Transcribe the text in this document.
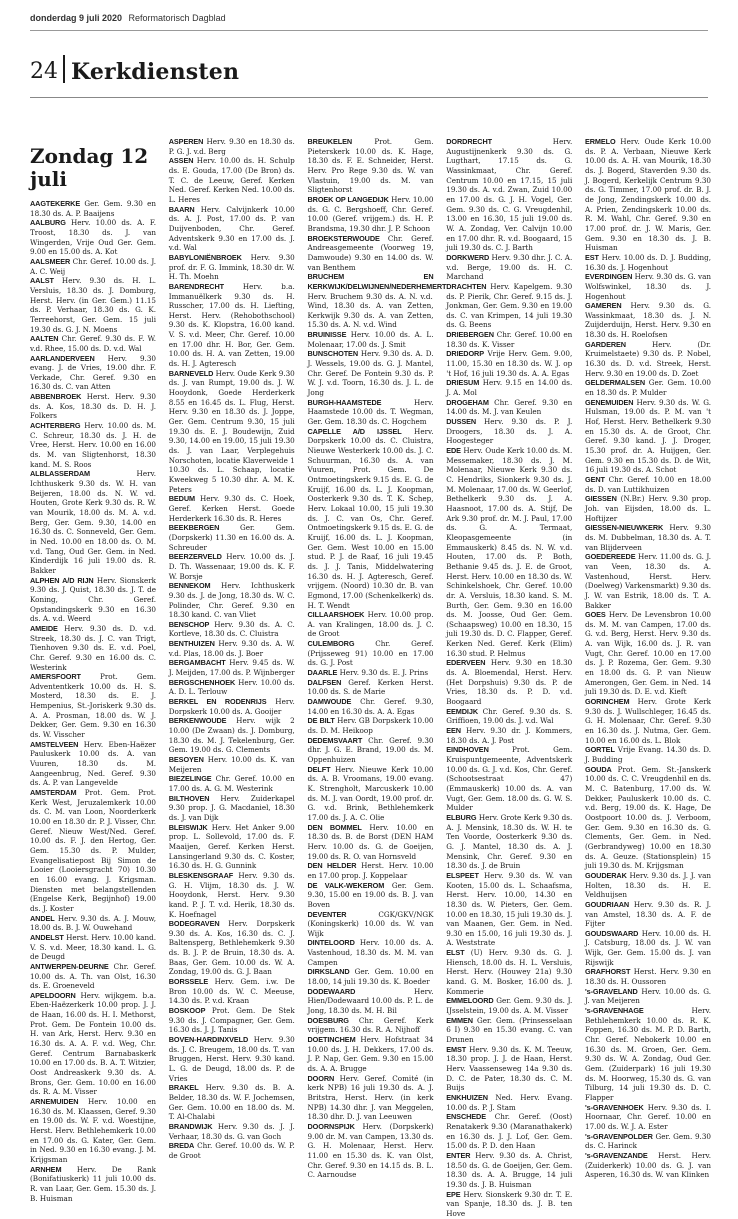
donderdag 9 juli 2020 Reformatorisch Dagblad
24 Kerkdiensten
Zondag 12 juli

AAGTEKERKE Ger. Gem. 9.30 en 18.30 ds. A. P. Baaijens

AALBURG Herv. 10.00 ds. A. F. Troost, 18.30 ds. J. van Wingerden, Vrije Oud Ger. Gem. 9.00 en 15.00 ds. A. Kot

AALSMEER Chr. Geref. 10.00 ds. J. A. C. Weij

AALST Herv. 9.30 ds. H. L. Versluis, 18.30 ds. J. Domburg, Herst. Herv. (in Ger. Gem.) 11.15 ds. P. Verhaar, 18.30 ds. G. K. Terreehorst, Ger. Gem. 15 juli 19.30 ds. G. J. N. Moens

AALTEN Chr. Geref. 9.30 ds. F. W. v.d. Rhee, 15.00 ds. D. v.d. Wal

AARLANDERVEEN Herv. 9.30 evang. J. de Vries, 19.00 dhr. F. Verkade, Chr. Geref. 9.30 en 16.30 ds. C. van Atten

ABBENBROEK Herst. Herv. 9.30 ds. A. Kos, 18.30 ds. D. H. J. Folkers

ACHTERBERG Herv. 10.00 ds. M. C. Schreur, 18.30 ds. J. H. de Vree, Herst. Herv. 10.00 en 16.00 ds. M. van Sligtenhorst, 18.30 kand. M. S. Roos

ALBLASSERDAM Herv. Ichthuskerk 9.30 ds. W. H. van Beijeren, 18.00 ds. N. W. vd. Houten, Grote Kerk 9.30 ds. R. W. van Mourik, 18.00 ds. M. A. v.d. Berg, Ger. Gem. 9.30, 14.00 en 16.30 ds. C. Sonneveld, Ger. Gem. in Ned. 10.00 en 18.00 ds. O. M. v.d. Tang, Oud Ger. Gem. in Ned. Kinderdijk 16 juli 19.00 ds. R. Bakker

ALPHEN A/D RIJN Herv. Sionskerk 9.30 ds. J. Quist, 18.30 ds. J. T. de Koning, Chr. Geref. Opstandingskerk 9.30 en 16.30 ds. A. v.d. Weerd

AMEIDE Herv. 9.30 ds. D. v.d. Streek, 18.30 ds. J. C. van Trigt, Tienhoven 9.30 ds. E. v.d. Poel, Chr. Geref. 9.30 en 16.00 ds. C. Westerink

AMERSFOORT Prot. Gem. Advententkerk 10.00 ds. H. S. Mosterd, 18.30 ds. E. J. Hempenius, St.-Joriskerk 9.30 ds. A. A. Prosman, 18.00 ds. W. J. Dekker, Ger. Gem. 9.30 en 16.30 ds. W. Visscher

AMSTELVEEN Herv. Eben-Haëzer Pauluskerk 10.00 ds. A. van Vuuren, 18.30 ds. M. Aangeenbrug, Ned. Geref. 9.30 ds. A. P. van Langevelde

AMSTERDAM Prot. Gem. Prot. Kerk West, Jeruzalemkerk 10.00 ds. C. M. van Loon, Noorderkerk 10.00 en 18.30 dr. P. J. Visser, Chr. Geref. Nieuw West/Ned. Geref. 10.00 ds. F. J. den Hertog, Ger. Gem. 15.30 ds. P. Mulder, Evangelisatiepost Bij Simon de Looier (Looiersgracht 70) 10.30 en 16.00 evang. J. Krigsman. Diensten met belangstellenden (Engelse Kerk, Begijnhof) 19.00 ds. J. Koster

ANDEL Herv. 9.30 ds. A. J. Mouw, 18.00 ds. B. J. W. Ouwehand

ANDELST Herst. Herv. 10.00 kand. V. S. v.d. Meer, 18.30 kand. L. G. de Deugd

ANTWERPEN-DEURNE Chr. Geref. 10.00 ds. A. Th. van Olst, 16.30 ds. E. Groeneveld

APELDOORN Herv. wijkgem. b.a. Eben-Haëzerkerk 10.00 prop. J. J. de Haan, 16.00 ds. H. I. Methorst, Prot. Gem. De Fontein 10.00 ds. H. van Ark, Herst. Herv. 9.30 en 16.30 ds. A. A. F. v.d. Weg, Chr. Geref. Centrum Barnabaskerk 10.00 en 17.00 ds. B. A. T. Witzier, Oost Andreaskerk 9.30 ds. A. Brons, Ger. Gem. 10.00 en 16.00 ds. R. A. M. Visser

ARNEMUIDEN Herv. 10.00 en 16.30 ds. M. Klaassen, Geref. 9.30 en 19.00 ds. W. F. v.d. Woestijne, Herst. Herv. Bethlehemkerk 10.00 en 17.00 ds. G. Kater, Ger. Gem. in Ned. 9.30 en 16.30 evang. J. M. Krijgsman

ARNHEM Herv. De Rank (Bonifatiuskerk) 11 juli 10.00 ds. R. van Laar, Ger. Gem. 15.30 ds. J. B. Huisman

ASPEREN Herv. 9.30 en 18.30 ds. P. G. J. v.d. Berg

ASSEN Herv. 10.00 ds. H. Schulp ds. E. Gouda, 17.00 (De Bron) ds. T. C. de Leeuw, Geref. Kerken Ned. Geref. Kerken Ned. 10.00 ds. L. Heres

BAARN Herv. Calvijnkerk 10.00 ds. A. J. Post, 17.00 ds. P. van Duijvenboden, Chr. Geref. Adventskerk 9.30 en 17.00 ds. J. v.d. Wal

BABYLONIËNBROEK Herv. 9.30 prof. dr. F. G. Immink, 18.30 dr. W. H. Th. Moehn

BARENDRECHT Herv. b.a. Immanuëlkerk 9.30 ds. H. Russcher, 17.00 ds. H. Liefting, Herst. Herv. (Rehobothschool) 9.30 ds. K. Klopstra, 16.00 kand. V. S. v.d. Meer, Chr. Geref. 10.00 en 17.00 dhr. H. Bor, Ger. Gem. 10.00 ds. H. A. van Zetten, 19.00 ds. H. J. Agteresch

BARNEVELD Herv. Oude Kerk 9.30 ds. J. van Rumpt, 19.00 ds. J. W. Hooydonk, Goede Herderkerk 8.55 en 16.45 ds. L. Flug, Herst. Herv. 9.30 en 18.30 ds. J. Joppe, Ger. Gem. Centrum 9.30, 15 juli 19.30 ds. E. J. Boudewijn, Zuid 9.30, 14.00 en 19.00, 15 juli 19.30 ds. J. van Laar, Verplegehuis Norschoten, locatie Klaverweide 1 10.30 ds. L. Schaap, locatie Kweekweg 5 10.30 dhr. A. M. K. Peters

BEDUM Herv. 9.30 ds. C. Hoek, Geref. Kerken Herst. Goede Herderkerk 16.30 ds. R. Heres

BEEKBERGEN Ger. Gem. (Dorpskerk) 11.30 en 16.00 ds. A. Schreuder

BEERZERVELD Herv. 10.00 ds. J. D. Th. Wassenaar, 19.00 ds. K. F. W. Borsje

BENNEKOM Herv. Ichthuskerk 9.30 ds. J. de Jong, 18.30 ds. W. C. Polinder, Chr. Geref. 9.30 en 18.30 kand. C. van Vliet

BENSCHOP Herv. 9.30 ds. A. C. Kortleve, 18.30 ds. C. Cluistra

BENTHUIZEN Herv. 9.30 ds. A. W. v.d. Plas, 18.00 ds. J. Boer

BERGAMBACHT Herv. 9.45 ds. W. J. Meijden, 17.00 ds. P. Wijnberger

BERGSCHENHOEK Herv. 10.00 ds. A. D. L. Terlouw

BERKEL EN RODENRIJS Herv. Dorpskerk 10.00 ds. A. Gooijer

BERKENWOUDE Herv. wijk 2 10.00 (De Zwaan) ds. J. Domburg, 18.30 ds. M. J. Tekelenburg, Ger. Gem. 19.00 ds. G. Clements

BESOYEN Herv. 10.00 ds. K. van Meijeren

BIEZELINGE Chr. Geref. 10.00 en 17.00 ds. A. G. M. Westerink

BILTHOVEN Herv. Zuiderkapel 9.30 prop. J. G. Macdaniel, 18.30 ds. J. van Dijk

BLEISWIJK Herv. Het Anker 9.00 prop. L. Sollevold, 17.00 ds. F. Maaijen, Geref. Kerken Herst. Lansingerland 9.30 ds. C. Koster, 16.30 ds. H. G. Gunnink

BLESKENSGRAAF Herv. 9.30 ds. G. H. Vlijm, 18.30 ds. J. W. Hooydonk, Herst. Herv. 9.30 kand. P. J. T. v.d. Herik, 18.30 ds. K. Hoefnagel

BODEGRAVEN Herv. Dorpskerk 9.30 ds. A. Kos, 16.30 ds. C. J. Baltensperg, Bethlehemkerk 9.30 ds. B. J. P. de Bruin, 18.30 ds. A. Baas, Ger. Gem. 10.00 ds. W. A. Zondag, 19.00 ds. G. J. Baan

BORSSELE Herv. Gem. i.w. De Bron 10.00 ds. W. C. Meeuse, 14.30 ds. P. v.d. Kraan

BOSKOOP Prot. Gem. De Stek 9.30 ds. J. Compagner, Ger. Gem. 16.30 ds. J. J. Tanis

BOVEN-HARDINXVELD Herv. 9.30 ds. J. C. Breugem, 18.00 ds. T. van Bruggen, Herst. Herv. 9.30 kand. L. G. de Deugd, 18.00 ds. P. de Vries

BRAKEL Herv. 9.30 ds. B. A. Belder, 18.30 ds. W. F. Jochemsen, Ger. Gem. 10.00 en 18.00 ds. M. T. Al-Chalabi

BRANDWIJK Herv. 9.30 ds. J. J. Verhaar, 18.30 ds. G. van Goch

BREDA Chr. Geref. 10.00 ds. W. P. de Groot

BREUKELEN Prot. Gem. Pieterskerk 10.00 ds. K. Hage, 18.30 ds. F. E. Schneider, Herst. Herv. Pro Rege 9.30 ds. W. van Vlastuin, 19.00 ds. M. van Sligtenhorst

BROEK OP LANGEDIJK Herv. 10.00 ds. G. C. Bergshoeff, Chr. Geref. 10.00 (Geref. vrijgem.) ds. H. P. Brandsma, 19.30 dhr. J. P. Schoon

BROEKSTERWOUDE Chr. Geref. Andreasgemeente (Voorweg 19, Damwoude) 9.30 en 14.00 ds. W. van Benthem

BRUCHEM EN KERKWIJK/DELWIJNEN/NEDERHEMERT Herv. Bruchem 9.30 ds. A. N. v.d. Wind, 18.30 ds. A. van Zetten, Kerkwijk 9.30 ds. A. van Zetten, 15.30 ds. A. N. v.d. Wind

BRUINISSE Herv. 10.00 ds. A. L. Molenaar, 17.00 ds. J. Smit

BUNSCHOTEN Herv. 9.30 ds. A. D. J. Wessels, 19.00 ds. G. J. Mantel, Chr. Geref. De Fontein 9.30 ds. P. W. J. v.d. Toorn, 16.30 ds. J. L. de Jong

BURGH-HAAMSTEDE Herv. Haamstede 10.00 ds. T. Wegman, Ger. Gem. 18.30 ds. C. Hogchem

CAPELLE A/D IJSSEL Herv. Dorpskerk 10.00 ds. C. Cluistra, Nieuwe Westerkerk 10.00 ds. J. C. Schuurman, 16.30 ds. A. van Vuuren, Prot. Gem. De Ontmoetingskerk 9.15 ds. E. G. de Kruijf, 16.00 ds. L. J. Koopman, Oosterkerk 9.30 ds. T. K. Schep, Herv. Lokaal 10.00, 15 juli 19.30 ds. J. C. van Os, Chr. Geref. Ontmoetingskerk 9.15 ds. E. G. de Kruijf, 16.00 ds. L. J. Koopman, Ger. Gem. West 10.00 en 15.00 stud. P. J. de Raaf, 16 juli 19.45 ds. J. J. Tanis, Middelwatering 16.30 ds. H. J. Agteresch, Geref. vrijgem. (Noord) 10.30 dr. B. van Egmond, 17.00 (Schenkelkerk) ds. H. T. Wendt

CILLAARSHOEK Herv. 10.00 prop. A. van Kralingen, 18.00 ds. J. C. de Groot

CULEMBORG Chr. Geref. (Prijsseweg 91) 10.00 en 17.00 ds. G. J. Post

DAARLE Herv. 9.30 ds. E. J. Prins

DALFSEN Geref. Kerken Herst. 10.00 ds. S. de Marie

DAMWOUDE Chr. Geref. 9.30, 14.00 en 16.30 ds. A. A. Egas

DE BILT Herv. GB Dorpskerk 10.00 ds. D. M. Heikoop

DEDEMSVAART Chr. Geref. 9.30 dhr. J. G. E. Brand, 19.00 ds. M. Oppenhuizen

DELFT Herv. Nieuwe Kerk 10.00 ds. A. B. Vroomans, 19.00 evang. K. Strengholt, Marcuskerk 10.00 ds. M. J. van Oordt, 19.00 prof. dr. G. v.d. Brink, Bethlehemkerk 17.00 ds. J. A. C. Olie

DEN BOMMEL Herv. 10.00 en 18.30 ds. B. de Borst (DEN HAM Herv. 10.00 ds. G. de Goeijen, 19.00 ds. R. O. van Hornsveld

DEN HELDER Herst. Herv. 10.00 en 17.00 prop. J. Koppelaar

DE VALK-WEKEROM Ger. Gem. 9.30, 15.00 en 19.00 ds. B. J. van Boven

DEVENTER CGK/GKV/NGK (Koningskerk) 10.00 ds. W. van Wijk

DINTELOORD Herv. 10.00 ds. A. Vastenhoud, 18.30 ds. M. M. van Campen

DIRKSLAND Ger. Gem. 10.00 en 18.00, 14 juli 19.30 ds. K. Boeder

DODEWAARD Herv. Hien/Dodewaard 10.00 ds. P. L. de Jong, 18.30 ds. M. H. Bil

DOESBURG Chr. Geref. Kerk vrijgem. 16.30 ds. R. A. Nijhoff

DOETINCHEM Herv. Hofstraat 34 10.00 ds. J. H. Dekkers, 17.00 ds. J. P. Nap, Ger. Gem. 9.30 en 15.00 ds. A. A. Brugge

DOORN Herv. Geref. Comité (in kerk NPB) 16 juli 19.30 ds. A. J. Britstra, Herst. Herv. (in kerk NPB) 14.30 dhr. J. van Meggelen, 18.30 dhr. D. J. van Leeuwen

DOORNSPIJK Herv. (Dorpskerk) 9.00 dr. M. van Campen, 13.30 ds. G. H. Molenaar, Herst. Herv. 11.00 en 15.30 ds. K. van Olst, Chr. Geref. 9.30 en 14.15 ds. B. L. C. Aarnoudse

DORDRECHT Herv. Augustijnenkerk 9.30 ds. G. Lugthart, 17.15 ds. G. Wassinkmaat, Chr. Geref. Centrum 10.00 en 17.15, 15 juli 19.30 ds. A. v.d. Zwan, Zuid 10.00 en 17.00 ds. G. J. H. Vogel, Ger. Gem. 9.30 ds. C. G. Vreugdenhil, 13.00 en 16.30, 15 juli 19.00 ds. W. A. Zondag, Ver. Calvijn 10.00 en 17.00 dhr. R. v.d. Boogaard, 15 juli 19.30 ds. C. J. Barth

DORKWERD Herv. 9.30 dhr. J. C. A. v.d. Berge, 19.00 ds. H. C. Marchand

DRACHTEN Herv. Kapelgem. 9.30 ds. P. Pierik, Chr. Geref. 9.15 ds. J. Jonkman, Ger. Gem. 9.30 en 19.00 ds. C. van Krimpen, 14 juli 19.30 ds. G. Beens

DRIEBERGEN Chr. Geref. 10.00 en 18.30 ds. K. Visser

DRIEDORP Vrije Herv. Gem. 9.00, 11.00, 15.30 en 18.30 ds. W. J. op 't Hof, 16 juli 19.30 ds. A. A. Egas

DRIESUM Herv. 9.15 en 14.00 ds. J. A. Mol

DROGEHAM Chr. Geref. 9.30 en 14.00 ds. M. J. van Keulen

DUSSEN Herv. 9.30 ds. P. J. Droogers, 18.30 ds. J. A. Hoogesteger

EDE Herv. Oude Kerk 10.00 ds. M. Messemaker, 18.30 ds. J. M. Molenaar, Nieuwe Kerk 9.30 ds. C. Hendriks, Sionkerk 9.30 ds. J. M. Molenaar, 17.00 ds. W. Geerlof, Bethelkerk 9.30 ds. J. A. Haasnoot, 17.00 ds. A. Stijf, De Ark 9.30 prof. dr. M. J. Paul, 17.00 ds. G. A. Termaat, Kleopasgemeente (in Emmauskerk) 8.45 ds. N. W. v.d. Houten, 17.00 ds. P. Both, Bethanie 9.45 ds. J. E. de Groot, Herst. Herv. 10.00 en 18.30 ds. W. Schinkelshoek, Chr. Geref. 10.00 dr. A. Versluis, 18.30 kand. S. M. Burth, Ger. Gem. 9.30 en 16.00 ds. M. Joosse, Oud Ger. Gem. (Schaapsweg) 10.00 en 18.30, 15 juli 19.30 ds. D. C. Flapper, Geref. Kerken Ned. Geref. Kerk (Elim) 16.30 stud. P. Helmus

EDERVEEN Herv. 9.30 en 18.30 ds. A. Bloemendal, Herst. Herv. (Het Dorpshuis) 9.30 ds. P. de Vries, 18.30 ds. P. D. v.d. Boogaard

EEMDIJK Chr. Geref. 9.30 ds. S. Griffioen, 19.00 ds. J. v.d. Wal

EEN Herv. 9.30 dr. J. Kommers, 18.30 ds. A. J. Post

EINDHOVEN Prot. Gem. Kruispuntgemeente, Adventskerk 10.00 ds. G. J. v.d. Kos, Chr. Geref. (Schootsestraat 47) (Emmauskerk) 10.00 ds. A. van Vugt, Ger. Gem. 18.00 ds. G. W. S. Mulder

ELBURG Herv. Grote Kerk 9.30 ds. A. J. Mensink, 18.30 ds. W. H. te Ten Voorde, Oosterkerk 9.30 ds. G. J. Mantel, 18.30 ds. A. J. Mensink, Chr. Geref. 9.30 en 18.30 ds. J. de Bruin

ELSPEET Herv. 9.30 ds. W. van Kooten, 15.00 ds. L. Schaafsma, Herst. Herv. 10.00, 14.30 en 18.30 ds. W. Pieters, Ger. Gem. 10.00 en 18.30, 15 juli 19.30 ds. J. van Maanen, Ger. Gem. in Ned. 9.30 en 15.00, 16 juli 19.30 ds. J. A. Weststrate

ELST (U) Herv. 9.30 ds. G. J. Hiensch, 18.00 ds. H. L. Versluis, Herst. Herv. (Houwey 21a) 9.30 kand. G. M. Bosker, 16.00 ds. J. Kommerie

EMMELOORD Ger. Gem. 9.30 ds. J. IJsselstein, 19.00 ds. A. M. Visser

EMMEN Ger. Gem. (Prinsesselaan 6 I) 9.30 en 15.30 evang. C. van Drunen

EMST Herv. 9.30 ds. K. M. Teeuw, 18.30 prop. J. J. de Haan, Herst. Herv. Vaassenseweg 14a 9.30 ds. D. C. de Pater, 18.30 ds. C. M. Buijs

ENKHUIZEN Ned. Herv. Evang. 10.00 ds. P. J. Stam

ENSCHEDE Chr. Geref. (Oost) Renatakerk 9.30 (Maranathakerk) en 16.30 ds. J. J. Lof, Ger. Gem. 15.00 ds. P. D. den Haan

ENTER Herv. 9.30 ds. A. Christ, 18.50 ds. G. de Goeijen, Ger. Gem. 18.30 ds. A. A. Brugge, 14 juli 19.30 ds. J. B. Huisman

EPE Herv. Sionskerk 9.30 dr. T. E. van Spanje, 18.30 ds. J. B. ten Hove

ERMELO Herv. Oude Kerk 10.00 ds. P. A. Verbaan, Nieuwe Kerk 10.00 ds. A. H. van Mourik, 18.30 ds. J. Bogerd, Staverden 9.30 ds. J. Bogerd, Kerkelijk Centrum 9.30 ds. G. Timmer, 17.00 prof. dr. B. J. de Jong, Zendingskerk 10.00 ds. A. Prien, Zendingskerk 10.00 ds. R. M. Wahl, Chr. Geref. 9.30 en 17.00 prof. dr. J. W. Maris, Ger. Gem. 9.30 en 18.30 ds. J. B. Huisman

EST Herv. 10.00 ds. D. J. Budding, 16.30 ds. J. Hogenhout

EVERDINGEN Herv. 9.30 ds. G. van Wolfswinkel, 18.30 ds. J. Hogenhout

GAMEREN Herv. 9.30 ds. G. Wassinkmaat, 18.30 ds. J. N. Zuijderduijn, Herst. Herv. 9.30 en 18.30 ds. H. Roelofsen

GARDEREN Herv. (Dr. Kruimelstaete) 9.30 ds. P. Nobel, 16.30 ds. D. v.d. Streek, Herst. Herv. 9.30 en 19.00 ds. D. Zoet

GELDERMALSEN Ger. Gem. 10.00 en 18.30 ds. P. Mulder

GENEMUIDEN Herv. 9.30 ds. W. G. Hulsman, 19.00 ds. P. M. van 't Hof, Herst. Herv. Bethelkerk 9.30 en 15.30 ds. A. de Groot, Chr. Geref. 9.30 kand. J. J. Droger, 15.30 prof. dr. A. Huijgen, Ger. Gem. 9.30 en 15.30 ds. D. de Wit, 16 juli 19.30 ds. A. Schot

GENT Chr. Geref. 10.00 en 18.00 ds. D. van Luttikhuizen

GIESSEN (N.Br.) Herv. 9.30 prop. Joh. van Eijsden, 18.00 ds. L. Hoftijzer

GIESSEN-NIEUWKERK Herv. 9.30 ds. M. Dubbelman, 18.30 ds. A. T. van Blijderveen

GOEDEREEDE Herv. 11.00 ds. G. J. van Veen, 18.30 ds. A. Vastenhoud, Herst. Herv. (Doelweg) Varkensmarkt) 9.30 ds. J. W. van Estrik, 18.00 ds. T. A. Bakker

GOES Herv. De Levensbron 10.00 ds. M. M. van Campen, 17.00 ds. G. v.d. Berg, Herst. Herv. 9.30 ds. A. van Wijk, 16.00 ds. J. R. van Vugt, Chr. Geref. 10.00 en 17.00 ds. J. P. Rozema, Ger. Gem. 9.30 en 18.00 ds. G. P. van Nieuw Amerongen, Ger. Gem. in Ned. 14 juli 19.30 ds. D. E. v.d. Kieft

GORINCHEM Herv. Grote Kerk 9.30 ds. J. Wullschleger, 16.45 ds. G. H. Molenaar, Chr. Geref. 9.30 en 16.30 ds. J. Nutma, Ger. Gem. 10.00 en 16.00 ds. L. Blok

GORTEL Vrije Evang. 14.30 ds. D. J. Budding

GOUDA Prot. Gem. St.-Janskerk 10.00 ds. C. C. Vreugdenhil en ds. M. C. Batenburg, 17.00 ds. W. Dekker, Pauluskerk 10.00 ds. C. v.d. Berg, 19.00 ds. K. Hage, De Oostpoort 10.00 ds. J. Verboom, Ger. Gem. 9.30 en 16.30 ds. G. Clements, Ger. Gem. in Ned. (Gerbrandyweg) 10.00 en 18.30 ds. A. Geuze. (Stationsplein) 15 juli 19.30 ds. M. Krijgsman

GOUDERAK Herv. 9.30 ds. J. J. van Holten, 18.30 ds. H. E. Veldhuijsen

GOUDRIAAN Herv. 9.30 ds. R. J. van Amstel, 18.30 ds. A. F. de Fijter

GOUDSWAARD Herv. 10.00 ds. H. J. Catsburg, 18.00 ds. J. W. van Wijk, Ger. Gem. 15.00 ds. J. van Rijswijk

GRAFHORST Herst. Herv. 9.30 en 18.30 ds. H. Oussoren

's-GRAVELAND Herv. 10.00 ds. G. J. van Meijeren

's-GRAVENHAGE Herv. Bethlehemkerk 10.00 ds. R. K. Foppen, 16.30 ds. M. P. D. Barth, Chr. Geref. Nebokerk 10.00 en 16.30 ds. M. Groen, Ger. Gem. 9.30 ds. W. A. Zondag, Oud Ger. Gem. (Zuiderpark) 16 juli 19.30 ds. M. Hoorweg, 15.30 ds. G. van Tilburg, 14 juli 19.30 ds. D. C. Flapper

's-GRAVENHOEK Herv. 9.30 ds. I. Hoornaar, Chr. Geref. 10.00 en 17.00 ds. W. J. A. Ester

's-GRAVENPOLDER Ger. Gem. 9.30 ds. C. Harinck

's-GRAVENZANDE Herst. Herv. (Zuiderkerk) 10.00 ds. G. J. van Asperen, 16.30 ds. W. van Klinken
